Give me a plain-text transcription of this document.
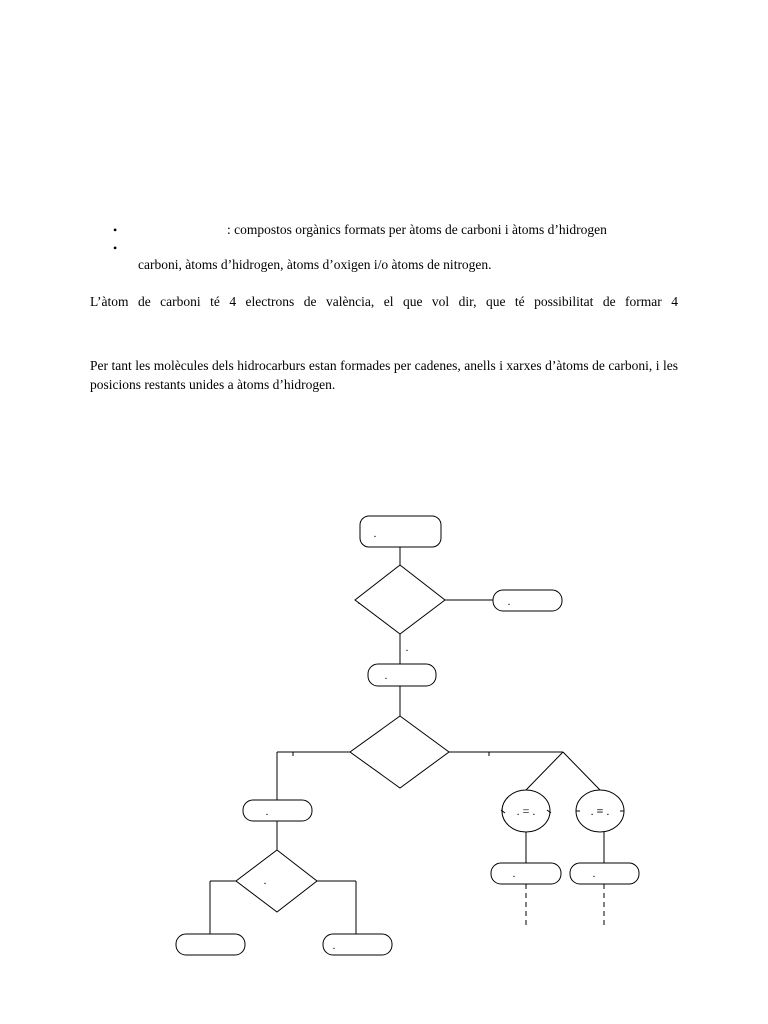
•	: compostos orgànics formats per àtoms de carboni i àtoms d’hidrogen
•
carboni, àtoms d’hidrogen, àtoms d’oxigen i/o àtoms de nitrogen.
L’àtom de carboni té 4 electrons de valència, el que vol dir, que té possibilitat de formar 4
Per tant les molècules dels hidrocarburs estan formades per cadenes, anells i xarxes d’àtoms de carboni, i les posicions restants unides a àtoms d’hidrogen.
.
.	.
.
.
.
.
. = .	. ≡ .
.	.
.
